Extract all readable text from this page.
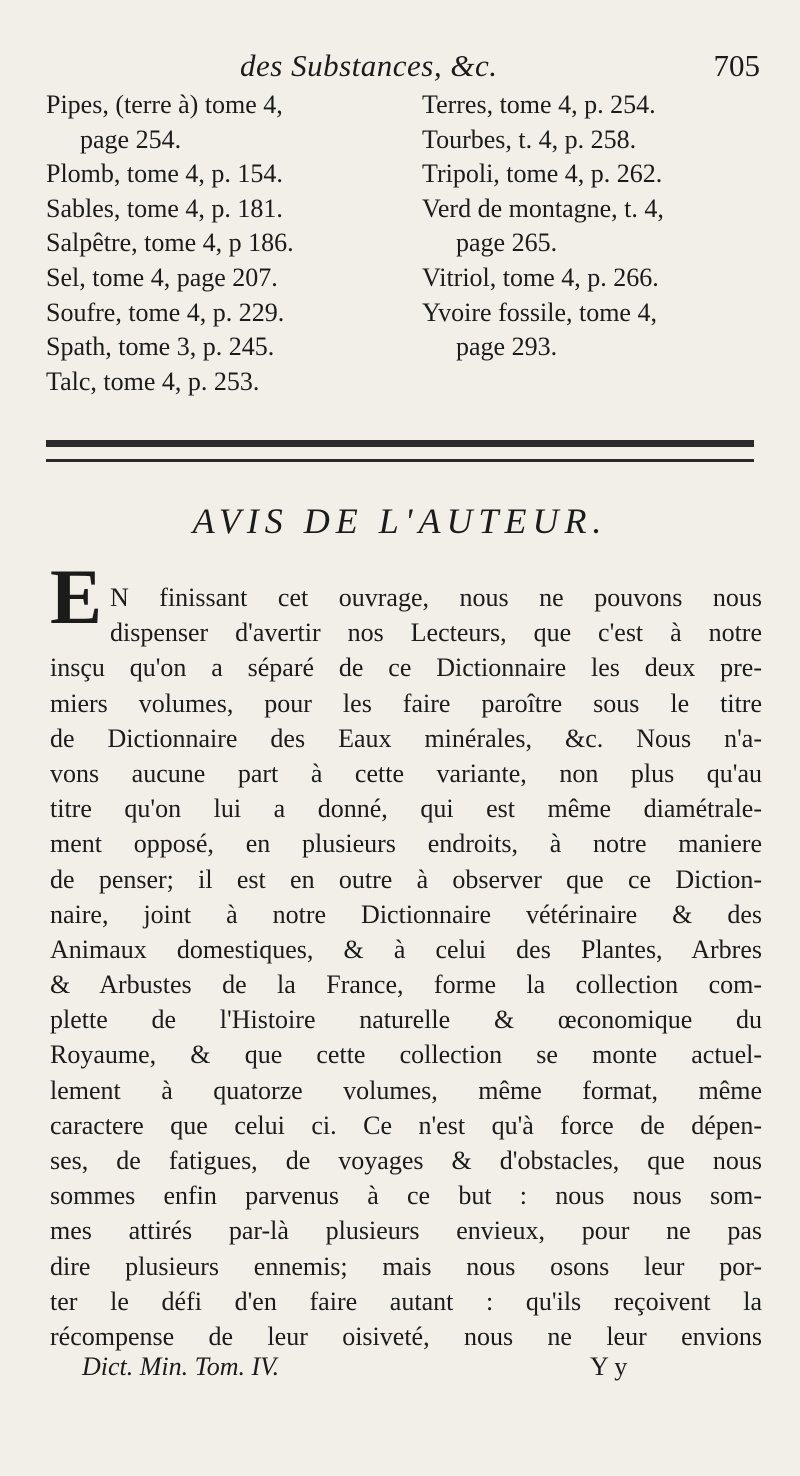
des Substances, &c.	705
Pipes, (terre à) tome 4,
page 254.
Plomb, tome 4, p. 154.
Sables, tome 4, p. 181.
Salpêtre, tome 4, p 186.
Sel, tome 4, page 207.
Soufre, tome 4, p. 229.
Spath, tome 3, p. 245.
Talc, tome 4, p. 253.
Terres, tome 4, p. 254.
Tourbes, t. 4, p. 258.
Tripoli, tome 4, p. 262.
Verd de montagne, t. 4,
page 265.
Vitriol, tome 4, p. 266.
Yvoire fossile, tome 4,
page 293.
AVIS DE L'AUTEUR.
E N finissant cet ouvrage, nous ne pouvons nous
dispenser d'avertir nos Lecteurs, que c'est à notre
insçu qu'on a séparé de ce Dictionnaire les deux pre-
miers volumes, pour les faire paroître sous le titre
de Dictionnaire des Eaux minérales, &c. Nous n'a-
vons aucune part à cette variante, non plus qu'au
titre qu'on lui a donné, qui est même diamétrale-
ment opposé, en plusieurs endroits, à notre maniere
de penser; il est en outre à observer que ce Diction-
naire, joint à notre Dictionnaire vétérinaire & des
Animaux domestiques, & à celui des Plantes, Arbres
& Arbustes de la France, forme la collection com-
plette de l'Histoire naturelle & œconomique du
Royaume, & que cette collection se monte actuel-
lement à quatorze volumes, même format, même
caractere que celui ci. Ce n'est qu'à force de dépen-
ses, de fatigues, de voyages & d'obstacles, que nous
sommes enfin parvenus à ce but : nous nous som-
mes attirés par-là plusieurs envieux, pour ne pas
dire plusieurs ennemis; mais nous osons leur por-
ter le défi d'en faire autant : qu'ils reçoivent la
récompense de leur oisiveté, nous ne leur envions
Dict. Min. Tom. IV.	Y y
